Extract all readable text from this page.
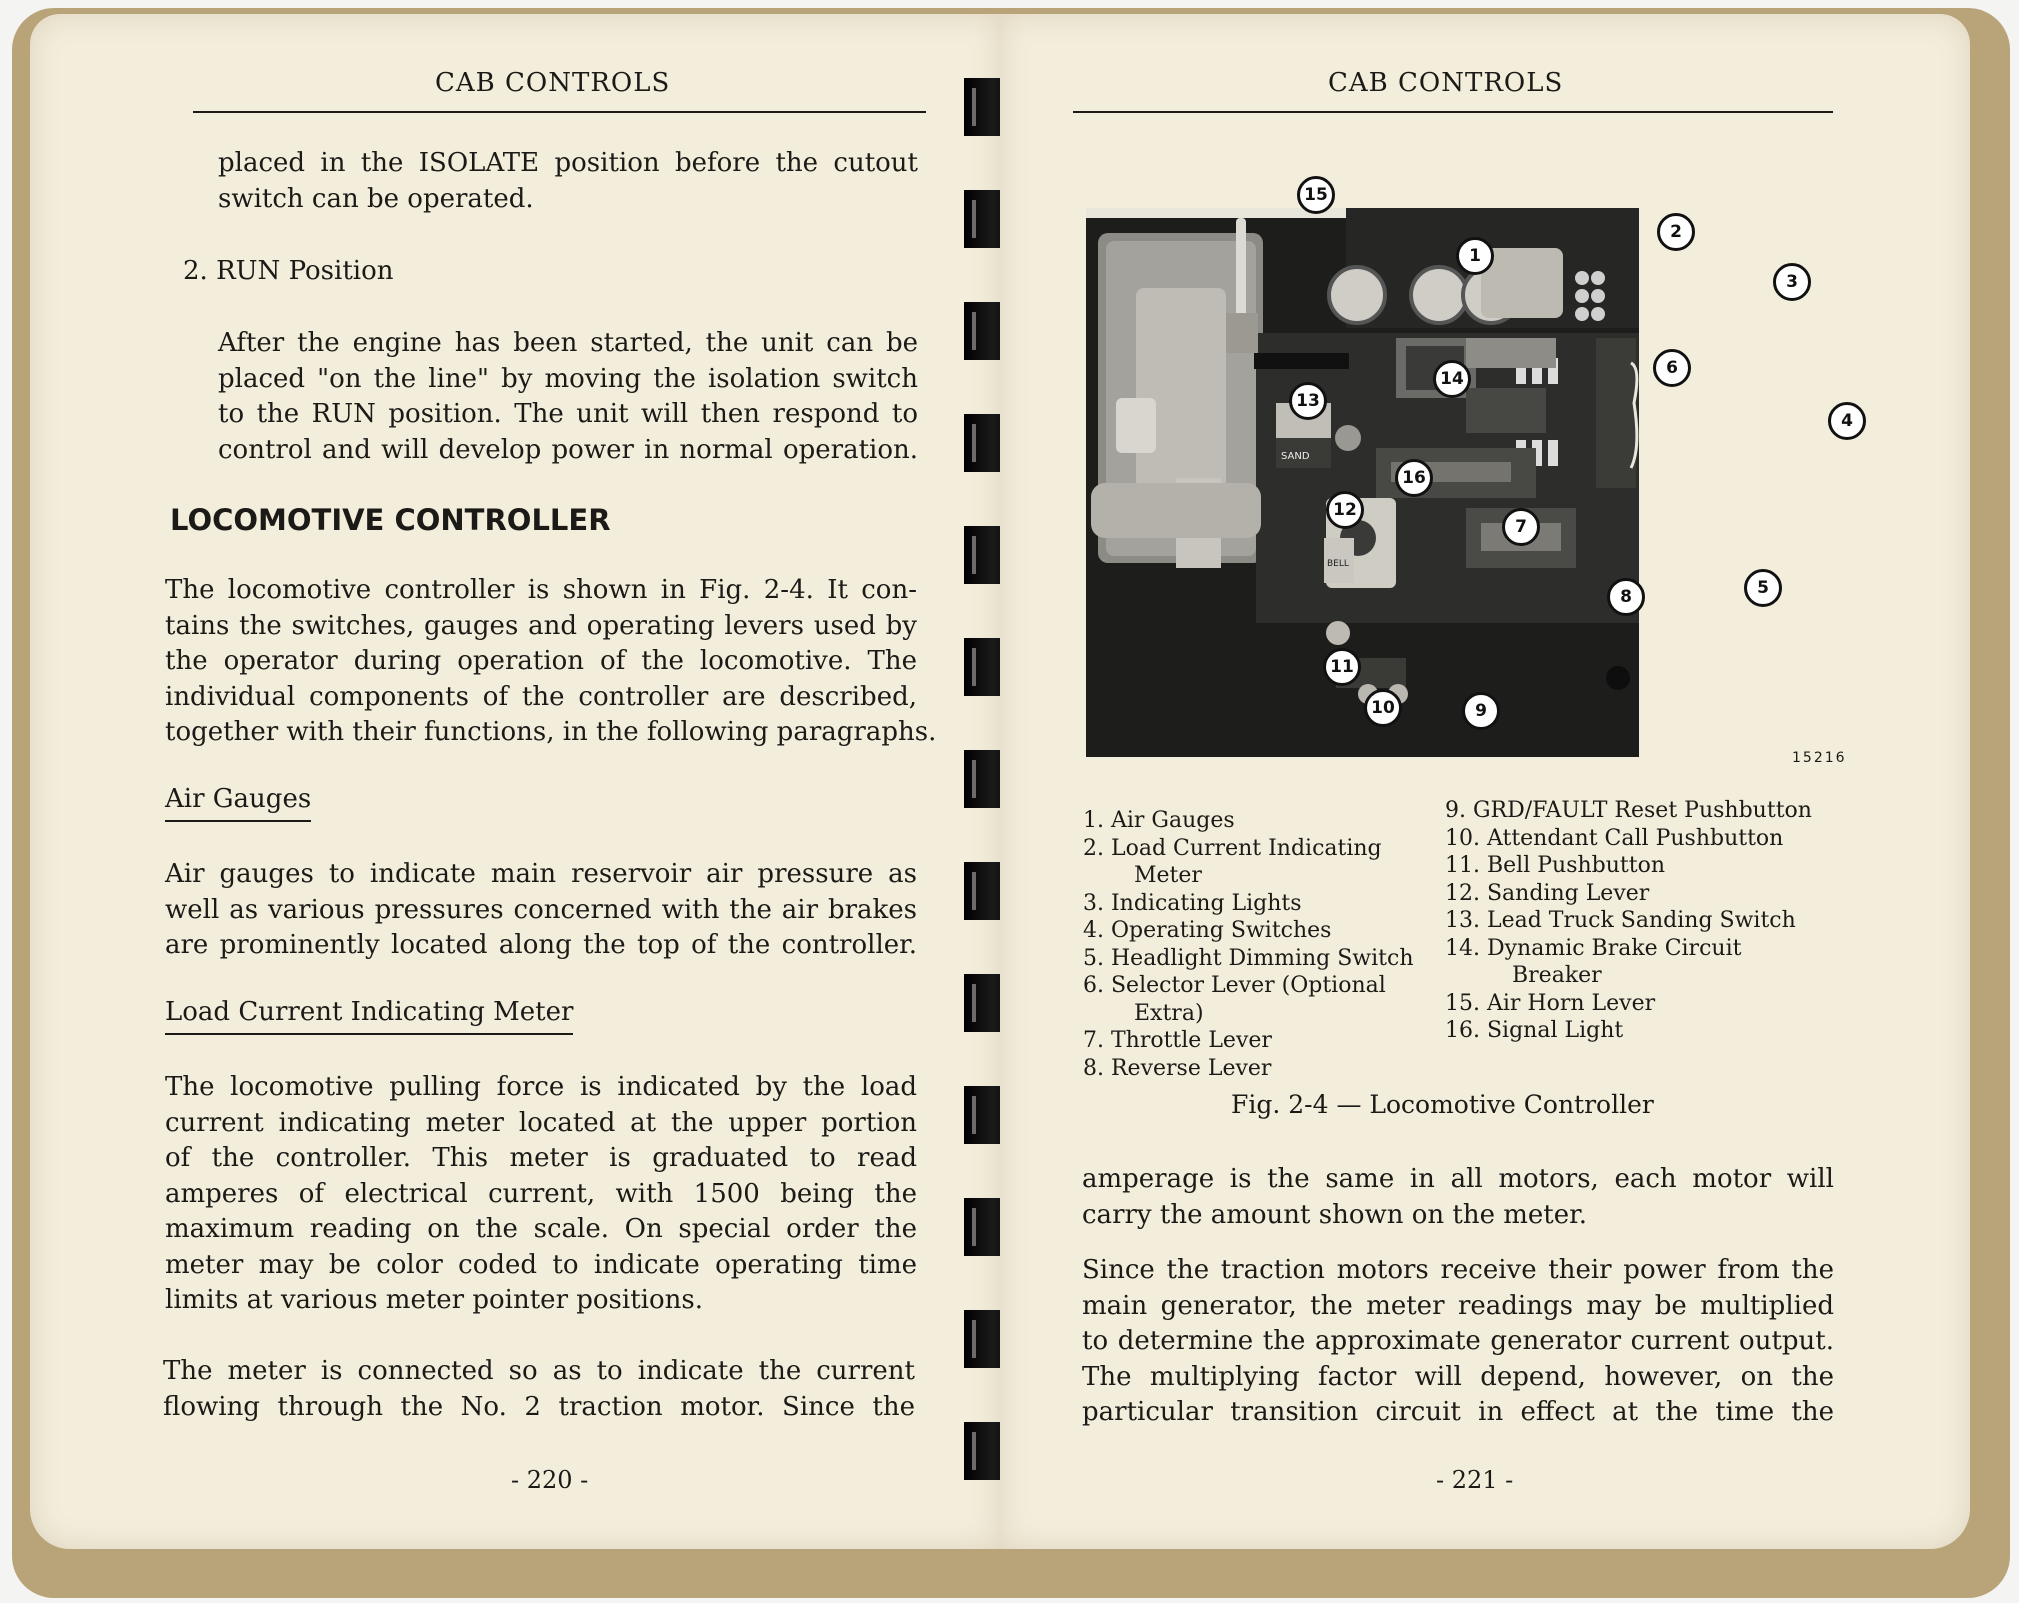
CAB CONTROLS
placed in the ISOLATE position before the cutout
switch can be operated.
2. RUN Position
After the engine has been started, the unit can be
placed "on the line" by moving the isolation switch
to the RUN position. The unit will then respond to
control and will develop power in normal operation.
LOCOMOTIVE CONTROLLER
The locomotive controller is shown in Fig. 2-4. It con-
tains the switches, gauges and operating levers used by
the operator during operation of the locomotive. The
individual components of the controller are described,
together with their functions, in the following paragraphs.
Air Gauges
Air gauges to indicate main reservoir air pressure as
well as various pressures concerned with the air brakes
are prominently located along the top of the controller.
Load Current Indicating Meter
The locomotive pulling force is indicated by the load
current indicating meter located at the upper portion
of the controller. This meter is graduated to read
amperes of electrical current, with 1500 being the
maximum reading on the scale. On special order the
meter may be color coded to indicate operating time
limits at various meter pointer positions.
The meter is connected so as to indicate the current
flowing through the No. 2 traction motor. Since the
- 220 -
CAB CONTROLS
SAND
BELL
15
1
2
3
4
6
14
13
16
12
7
5
8
11
10	9
15216
1. Air Gauges
2. Load Current Indicating
Meter
3. Indicating Lights
4. Operating Switches
5. Headlight Dimming Switch
6. Selector Lever (Optional
Extra)
7. Throttle Lever
8. Reverse Lever
9. GRD/FAULT Reset Pushbutton
10. Attendant Call Pushbutton
11. Bell Pushbutton
12. Sanding Lever
13. Lead Truck Sanding Switch
14. Dynamic Brake Circuit
Breaker
15. Air Horn Lever
16. Signal Light
Fig. 2-4 — Locomotive Controller
amperage is the same in all motors, each motor will
carry the amount shown on the meter.
Since the traction motors receive their power from the
main generator, the meter readings may be multiplied
to determine the approximate generator current output.
The multiplying factor will depend, however, on the
particular transition circuit in effect at the time the
- 221 -
